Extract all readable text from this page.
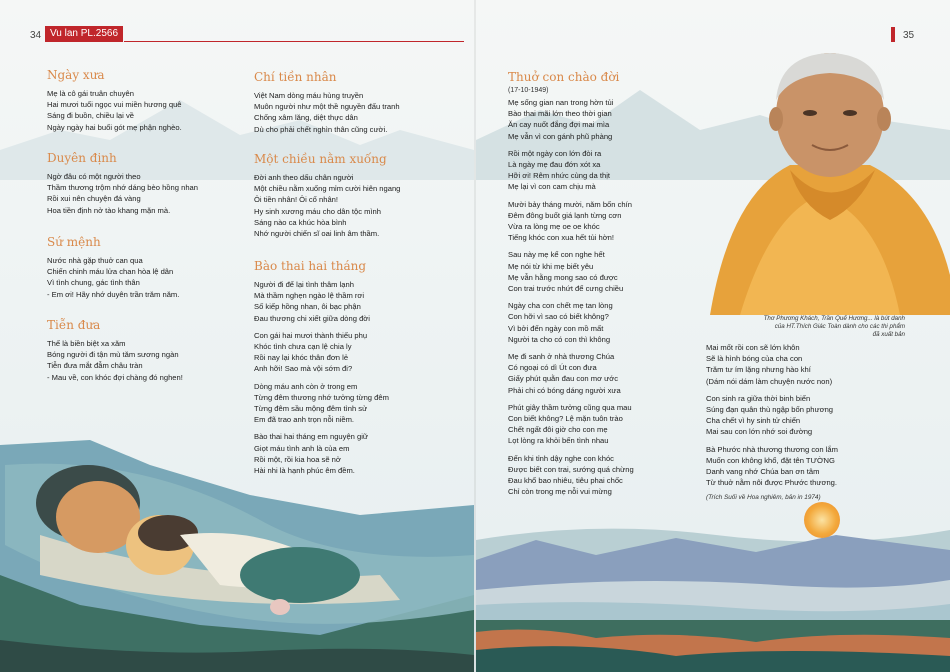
34 Vu lan PL.2566	35
Ngày xưa
Mẹ là cô gái truân chuyên
Hai mươi tuổi ngọc vui miền hương quê
Sáng đi buồn, chiều lại về
Ngày ngày hai buổi gót mẹ phận nghèo.
Duyên định
Ngờ đâu có một người theo
Thầm thương trộm nhớ dáng bèo hồng nhan
Rồi xui nên chuyện đá vàng
Hoa tiền định nở tào khang mặn mà.
Sứ mệnh
Nước nhà gặp thuở can qua
Chiến chinh máu lửa chan hòa lệ dân
Vì tình chung, gác tình thân
- Em ơi! Hãy nhớ duyên trần trăm năm.
Tiễn đưa
Thế là biền biệt xa xăm
Bóng người đi tận mù tăm sương ngàn
Tiễn đưa mắt đẫm châu tràn
- Mau về, con khóc đợi chàng đó nghen!
Chí tiền nhân
Việt Nam dòng máu hùng truyền
Muôn người như một thề nguyền đấu tranh
Chống xâm lăng, diệt thực dân
Dù cho phải chết nghìn thân cũng cười.
Một chiều nằm xuống
Đời anh theo dấu chân người
Một chiều nằm xuống mỉm cười hiên ngang
Ôi tiền nhân! Ôi cố nhân!
Hy sinh xương máu cho dân tộc mình
Sáng nào ca khúc hòa bình
Nhớ người chiến sĩ oai linh âm thầm.
Bào thai hai tháng
Người đi để lại tình thâm lạnh
Mà thầm nghẹn ngào lệ thầm rơi
Số kiếp hồng nhan, ôi bạc phận
Đau thương chi xiết giữa dòng đời
Con gái hai mươi thành thiếu phụ
Khóc tình chưa cạn lệ chia ly
Rồi nay lại khóc thân đơn lẻ
Anh hỡi! Sao mà vội sớm đi?
Dòng máu anh còn ở trong em
Từng đêm thương nhớ tưởng từng đêm
Từng đêm sầu mộng đêm tình sử
Em đã trao anh trọn nỗi niềm.
Bào thai hai tháng em nguyện giữ
Giọt máu tình anh là của em
Rồi một, rồi kia hoa sẽ nở
Hài nhi là hạnh phúc êm đềm.
Thơ Phương Khách, Trần Quế Hương... là bút danh
của HT.Thích Giác Toàn dành cho các thi phẩm
đã xuất bản
Thuở con chào đời
(17-10-1949)
Mẹ sống gian nan trong hờn tủi
Bào thai mãi lớn theo thời gian
Ăn cay nuốt đắng đợi mai mìa
Mẹ vẫn vì con gánh phũ phàng
Rồi một ngày con lớn đòi ra
Là ngày mẹ đau đớn xót xa
Hỡi ơi! Rêm nhức cùng da thịt
Mẹ lại vì con cam chịu mà
Mười bảy tháng mười, năm bốn chín
Đêm đông buốt giá lạnh từng cơn
Vừa ra lòng mẹ oe oe khóc
Tiếng khóc con xua hết tủi hờn!
Sau này mẹ kể con nghe hết
Mẹ nói từ khi mẹ biết yêu
Mẹ vẫn hằng mong sao có được
Con trai trước nhứt để cưng chiều
Ngày cha con chết mẹ tan lòng
Con hỡi vì sao có biết không?
Vì bởi đến ngày con mồ mất
Người ta cho có con thì không
Mẹ đi sanh ở nhà thương Chúa
Có ngoại có dì Út con đưa
Giấy phút quằn đau con mơ ước
Phải chi có bóng dáng người xưa
Phút giây thầm tưởng cũng qua mau
Con biết không? Lệ mặn tuôn trào
Chết ngất đôi giờ cho con mẹ
Lọt lòng ra khỏi bến tình nhau
Đến khi tỉnh dậy nghe con khóc
Được biết con trai, sướng quá chừng
Đau khổ bao nhiêu, tiêu phai chốc
Chỉ còn trong mẹ nỗi vui mừng
Mai mốt rồi con sẽ lớn khôn
Sẽ là hình bóng của cha con
Trăm tư ím lặng nhưng hào khí
(Dám nói dám làm chuyện nước non)
Con sinh ra giữa thời binh biến
Súng đạn quân thù ngập bốn phương
Cha chết vì hy sinh tử chiến
Mai sau con lớn nhớ soi đường
Bà Phước nhà thương thương con lắm
Muốn con không khổ, đặt tên TƯỜNG
Danh vang nhớ Chúa ban ơn tâm
Từ thuở nằm nôi được Phước thương.
(Trích Suối về Hoa nghiêm, bản in 1974)
